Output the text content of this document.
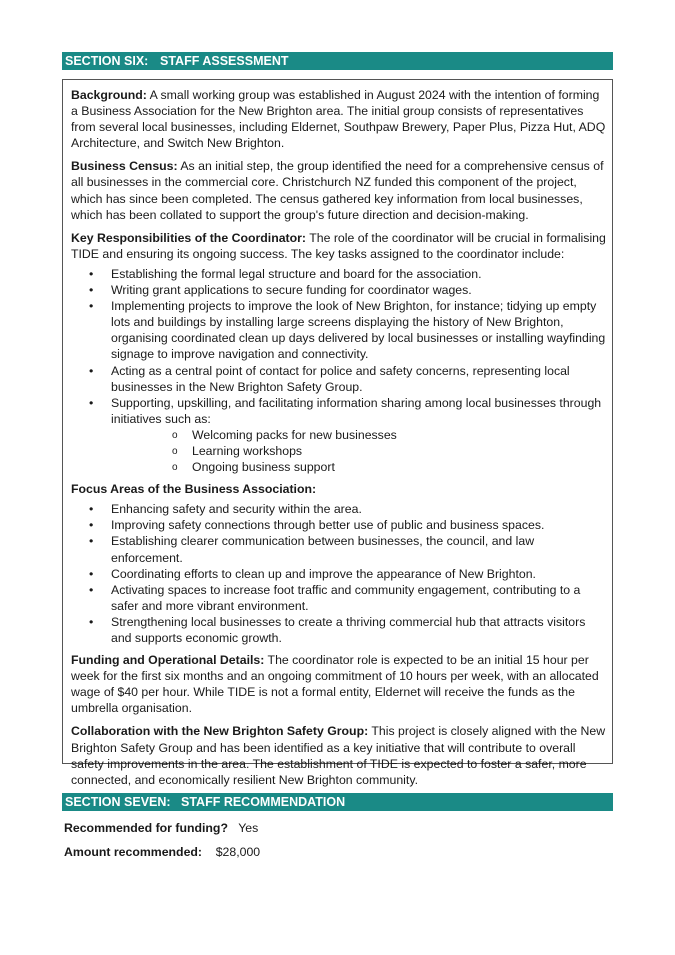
SECTION SIX: STAFF ASSESSMENT

Background: A small working group was established in August 2024 with the intention of forming a Business Association for the New Brighton area. The initial group consists of representatives from several local businesses, including Eldernet, Southpaw Brewery, Paper Plus, Pizza Hut, ADQ Architecture, and Switch New Brighton.

Business Census: As an initial step, the group identified the need for a comprehensive census of all businesses in the commercial core. Christchurch NZ funded this component of the project, which has since been completed. The census gathered key information from local businesses, which has been collated to support the group's future direction and decision-making.

Key Responsibilities of the Coordinator: The role of the coordinator will be crucial in formalising TIDE and ensuring its ongoing success. The key tasks assigned to the coordinator include:

• Establishing the formal legal structure and board for the association.
• Writing grant applications to secure funding for coordinator wages.
• Implementing projects to improve the look of New Brighton, for instance; tidying up empty lots and buildings by installing large screens displaying the history of New Brighton, organising coordinated clean up days delivered by local businesses or installing wayfinding signage to improve navigation and connectivity.
• Acting as a central point of contact for police and safety concerns, representing local businesses in the New Brighton Safety Group.
• Supporting, upskilling, and facilitating information sharing among local businesses through initiatives such as:
o Welcoming packs for new businesses
o Learning workshops
o Ongoing business support

Focus Areas of the Business Association:

• Enhancing safety and security within the area.
• Improving safety connections through better use of public and business spaces.
• Establishing clearer communication between businesses, the council, and law enforcement.
• Coordinating efforts to clean up and improve the appearance of New Brighton.
• Activating spaces to increase foot traffic and community engagement, contributing to a safer and more vibrant environment.
• Strengthening local businesses to create a thriving commercial hub that attracts visitors and supports economic growth.

Funding and Operational Details: The coordinator role is expected to be an initial 15 hour per week for the first six months and an ongoing commitment of 10 hours per week, with an allocated wage of $40 per hour. While TIDE is not a formal entity, Eldernet will receive the funds as the umbrella organisation.

Collaboration with the New Brighton Safety Group: This project is closely aligned with the New Brighton Safety Group and has been identified as a key initiative that will contribute to overall safety improvements in the area. The establishment of TIDE is expected to foster a safer, more connected, and economically resilient New Brighton community.

SECTION SEVEN: STAFF RECOMMENDATION
Recommended for funding? Yes
Amount recommended: $28,000
